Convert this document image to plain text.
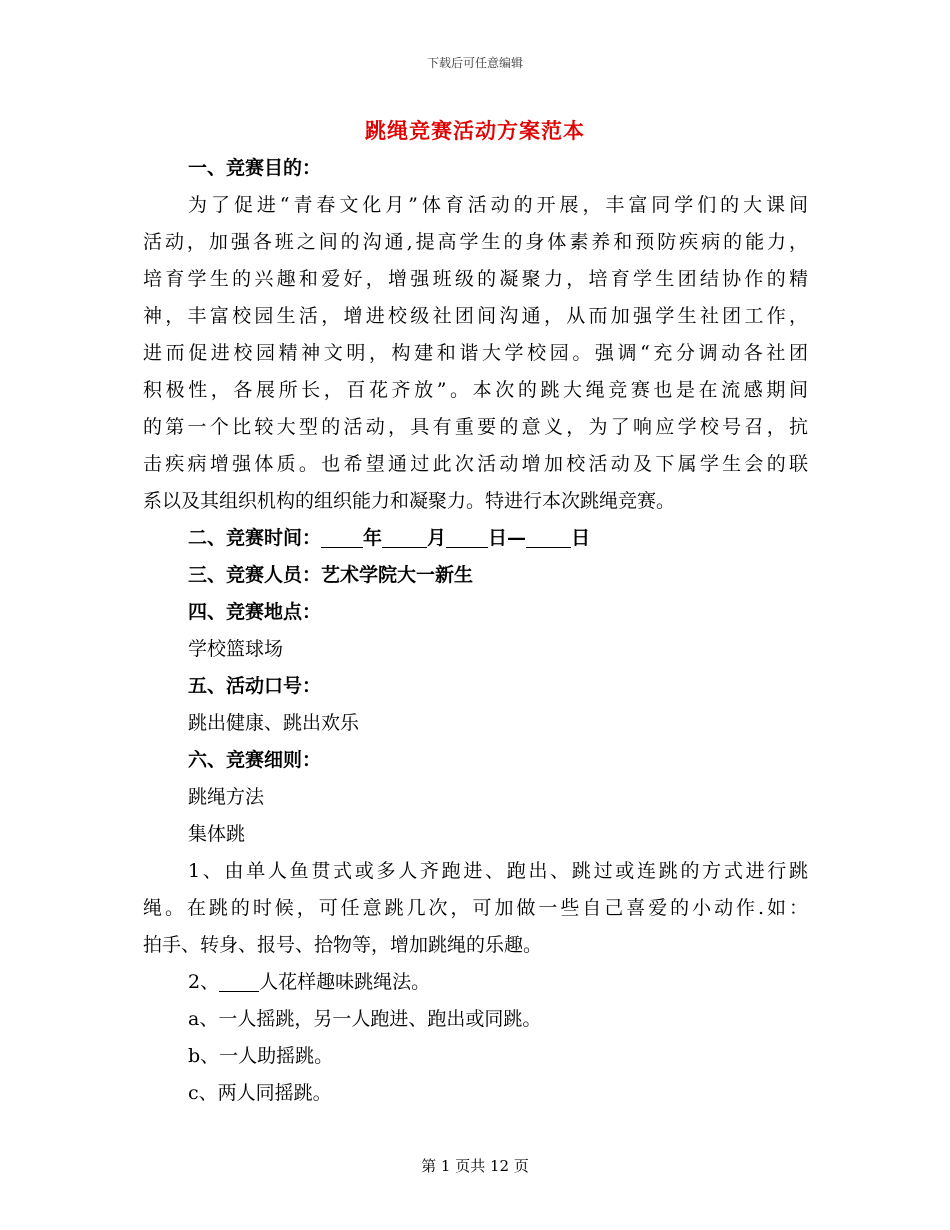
下载后可任意编辑
跳绳竞赛活动方案范本
一、竞赛目的：
为了促进“青春文化月”体育活动的开展，丰富同学们的大课间
活动，加强各班之间的沟通,提高学生的身体素养和预防疾病的能力，
培育学生的兴趣和爱好，增强班级的凝聚力，培育学生团结协作的精
神，丰富校园生活，增进校级社团间沟通，从而加强学生社团工作，
进而促进校园精神文明，构建和谐大学校园。强调“充分调动各社团
积极性，各展所长，百花齐放”。本次的跳大绳竞赛也是在流感期间
的第一个比较大型的活动，具有重要的意义，为了响应学校号召，抗
击疾病增强体质。也希望通过此次活动增加校活动及下属学生会的联
系以及其组织机构的组织能力和凝聚力。特进行本次跳绳竞赛。
二、竞赛时间： 年 月 日— 日
三、竞赛人员：艺术学院大一新生
四、竞赛地点：
学校篮球场
五、活动口号：
跳出健康、跳出欢乐
六、竞赛细则：
跳绳方法
集体跳
1、由单人鱼贯式或多人齐跑进、跑出、跳过或连跳的方式进行跳
绳。在跳的时候，可任意跳几次，可加做一些自己喜爱的小动作.如：
拍手、转身、报号、拾物等，增加跳绳的乐趣。
2、 人花样趣味跳绳法。
a、一人摇跳，另一人跑进、跑出或同跳。
b、一人助摇跳。
c、两人同摇跳。
第 1 页共 12 页
